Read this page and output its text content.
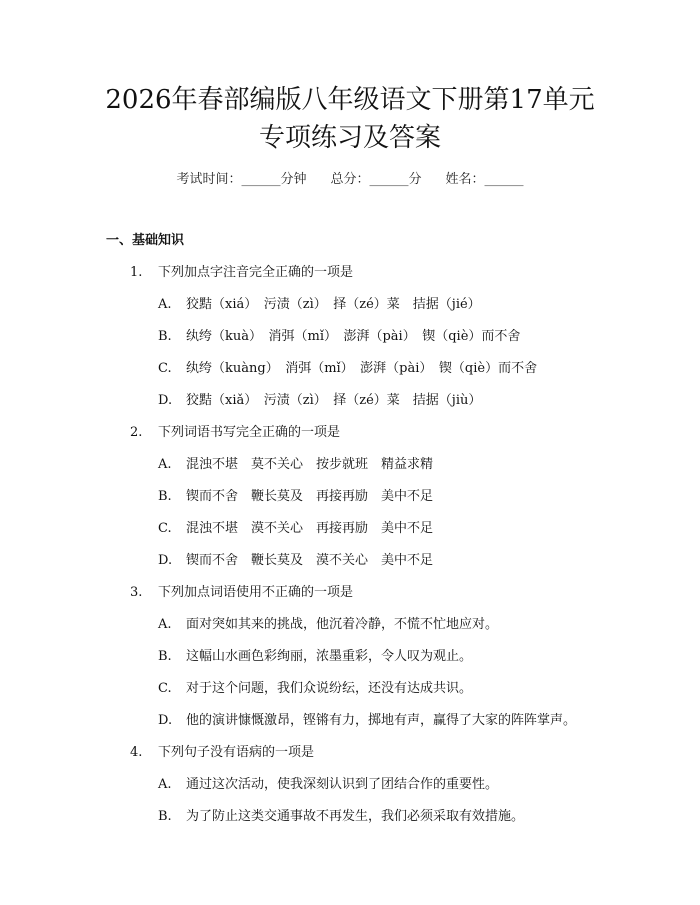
2026年春部编版八年级语文下册第17单元
专项练习及答案
考试时间：______分钟 总分：______分 姓名：______
一、基础知识
1. 下列加点字注音完全正确的一项是
A. 狡黠（xiá）　污渍（zì）　择（zé）菜　拮据（jié）
B. 纨绔（kuà）　消弭（mǐ）　澎湃（pài）　锲（qiè）而不舍
C. 纨绔（kuàng）　消弭（mǐ）　澎湃（pài）　锲（qiè）而不舍
D. 狡黠（xiǎ）　污渍（zì）　择（zé）菜　拮据（jiù）
2. 下列词语书写完全正确的一项是
A. 混浊不堪　莫不关心　按步就班　精益求精
B. 锲而不舍　鞭长莫及　再接再励　美中不足
C. 混浊不堪　漠不关心　再接再励　美中不足
D. 锲而不舍　鞭长莫及　漠不关心　美中不足
3. 下列加点词语使用不正确的一项是
A. 面对突如其来的挑战，他沉着冷静，不慌不忙地应对。
B. 这幅山水画色彩绚丽，浓墨重彩，令人叹为观止。
C. 对于这个问题，我们众说纷纭，还没有达成共识。
D. 他的演讲慷慨激昂，铿锵有力，掷地有声，赢得了大家的阵阵掌声。
4. 下列句子没有语病的一项是
A. 通过这次活动，使我深刻认识到了团结合作的重要性。
B. 为了防止这类交通事故不再发生，我们必须采取有效措施。
